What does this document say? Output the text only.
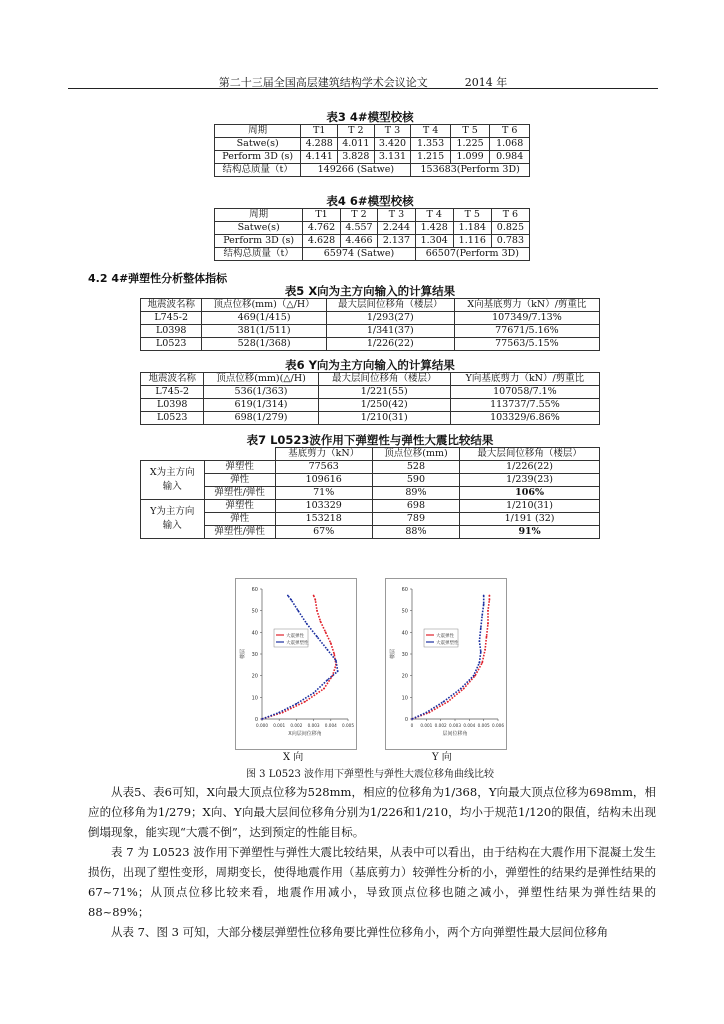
第二十三届全国高层建筑结构学术会议论文	2014 年
表3 4#模型校核
周期	T1	T 2	T 3	T 4	T 5	T 6
Satwe(s)	4.288	4.011	3.420	1.353	1.225	1.068
Perform 3D (s)	4.141	3.828	3.131	1.215	1.099	0.984
结构总质量（t）	149266 (Satwe)			153683(Perform 3D)		
表4 6#模型校核
周期	T1	T 2	T 3	T 4	T 5	T 6
Satwe(s)	4.762	4.557	2.244	1.428	1.184	0.825
Perform 3D (s)	4.628	4.466	2.137	1.304	1.116	0.783
结构总质量（t）	65974 (Satwe)			66507(Perform 3D)		
4.2 4#弹塑性分析整体指标
表5 X向为主方向输入的计算结果
地震波名称	顶点位移(mm)（△/H）	最大层间位移角（楼层）	X向基底剪力（kN）/剪重比
L745-2	469(1/415)	1/293(27)	107349/7.13%
L0398	381(1/511)	1/341(37)	77671/5.16%
L0523	528(1/368)	1/226(22)	77563/5.15%
表6 Y向为主方向输入的计算结果
地震波名称	顶点位移(mm)(△/H)	最大层间位移角（楼层）	Y向基底剪力（kN）/剪重比
L745-2	536(1/363)	1/221(55)	107058/7.1%
L0398	619(1/314)	1/250(42)	113737/7.55%
L0523	698(1/279)	1/210(31)	103329/6.86%
表7 L0523波作用下弹塑性与弹性大震比较结果
		基底剪力（kN）	顶点位移(mm)	最大层间位移角（楼层）

X为主方向
输入	弹塑性	77563	528	1/226(22)
	弹性	109616	590	1/239(23)
	弹塑性/弹性	71%	89%	106%

Y为主方向
输入	弹塑性	103329	698	1/210(31)
	弹性	153218	789	1/191 (32)
	弹塑性/弹性	67%	88%	91%
0
10
20
30
40
50
60
0.000 0.001 0.002 0.003 0.004 0.005
X向层间位移角
楼层
大震弹性
大震弹塑性
0
10
20
30
40
50
60
0 0.001 0.002 0.003 0.004 0.005 0.006
层间位移角
楼层
大震弹性
大震弹塑性
X 向	Y 向
图 3 L0523 波作用下弹塑性与弹性大震位移角曲线比较
从表5、表6可知，X向最大顶点位移为528mm，相应的位移角为1/368，Y向最大顶点位移为698mm，相应的位移角为1/279；X向、Y向最大层间位移角分别为1/226和1/210，均小于规范1/120的限值，结构未出现倒塌现象，能实现“大震不倒”，达到预定的性能目标。
表 7 为 L0523 波作用下弹塑性与弹性大震比较结果，从表中可以看出，由于结构在大震作用下混凝土发生损伤，出现了塑性变形，周期变长，使得地震作用（基底剪力）较弹性分析的小，弹塑性的结果约是弹性结果的 67~71%；从顶点位移比较来看，地震作用减小，导致顶点位移也随之减小，弹塑性结果为弹性结果的 88~89%；
从表 7、图 3 可知，大部分楼层弹塑性位移角要比弹性位移角小，两个方向弹塑性最大层间位移角
